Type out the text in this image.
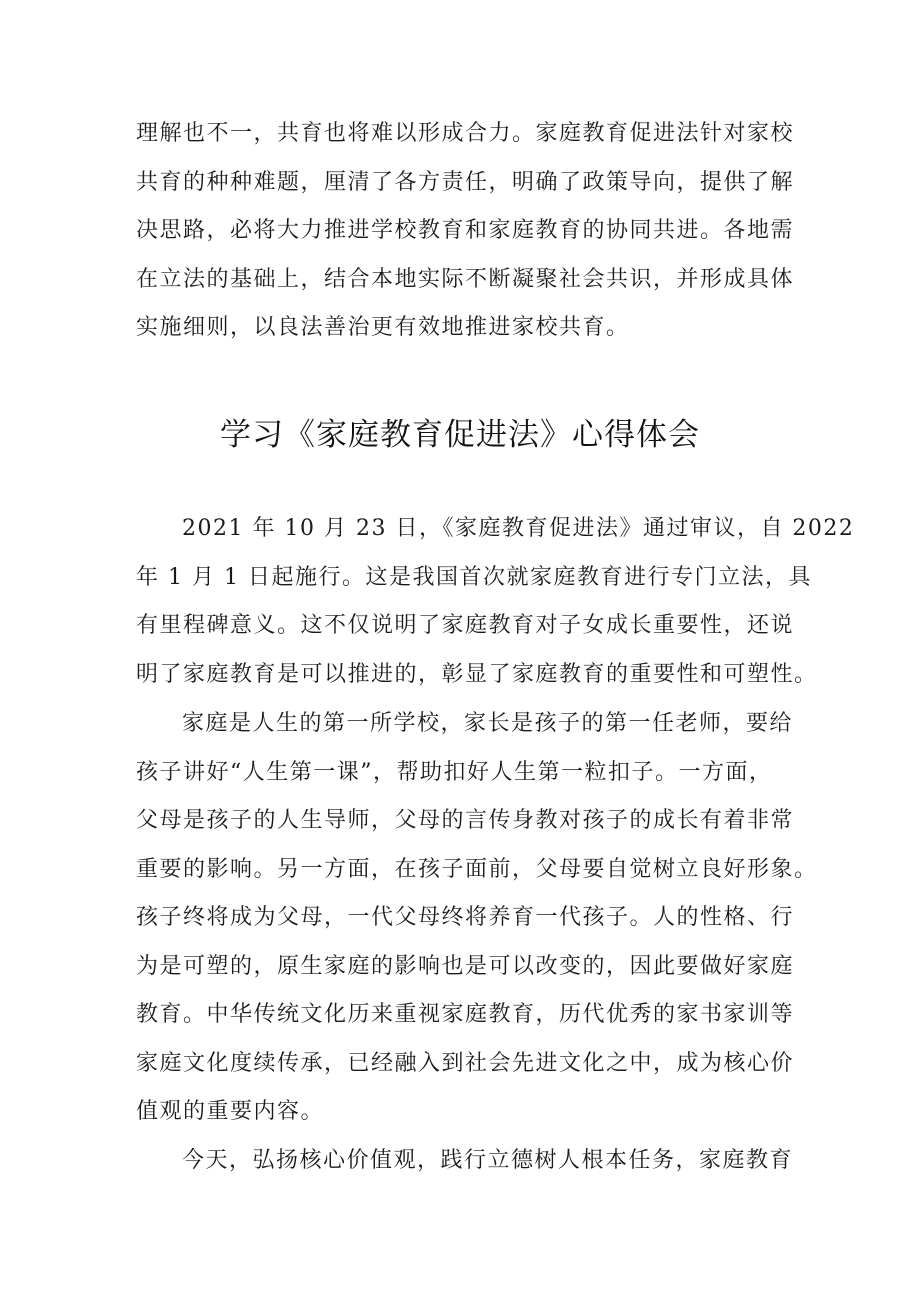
理解也不一，共育也将难以形成合力。家庭教育促进法针对家校
共育的种种难题，厘清了各方责任，明确了政策导向，提供了解
决思路，必将大力推进学校教育和家庭教育的协同共进。各地需
在立法的基础上，结合本地实际不断凝聚社会共识，并形成具体
实施细则，以良法善治更有效地推进家校共育。
学习《家庭教育促进法》心得体会
2021 年 10 月 23 日，《家庭教育促进法》通过审议，自 2022
年 1 月 1 日起施行。这是我国首次就家庭教育进行专门立法，具
有里程碑意义。这不仅说明了家庭教育对子女成长重要性，还说
明了家庭教育是可以推进的，彰显了家庭教育的重要性和可塑性。
家庭是人生的第一所学校，家长是孩子的第一任老师，要给
孩子讲好“人生第一课”，帮助扣好人生第一粒扣子。一方面，
父母是孩子的人生导师，父母的言传身教对孩子的成长有着非常
重要的影响。另一方面，在孩子面前，父母要自觉树立良好形象。
孩子终将成为父母，一代父母终将养育一代孩子。人的性格、行
为是可塑的，原生家庭的影响也是可以改变的，因此要做好家庭
教育。中华传统文化历来重视家庭教育，历代优秀的家书家训等
家庭文化度续传承，已经融入到社会先进文化之中，成为核心价
值观的重要内容。
今天，弘扬核心价值观，践行立德树人根本任务，家庭教育
